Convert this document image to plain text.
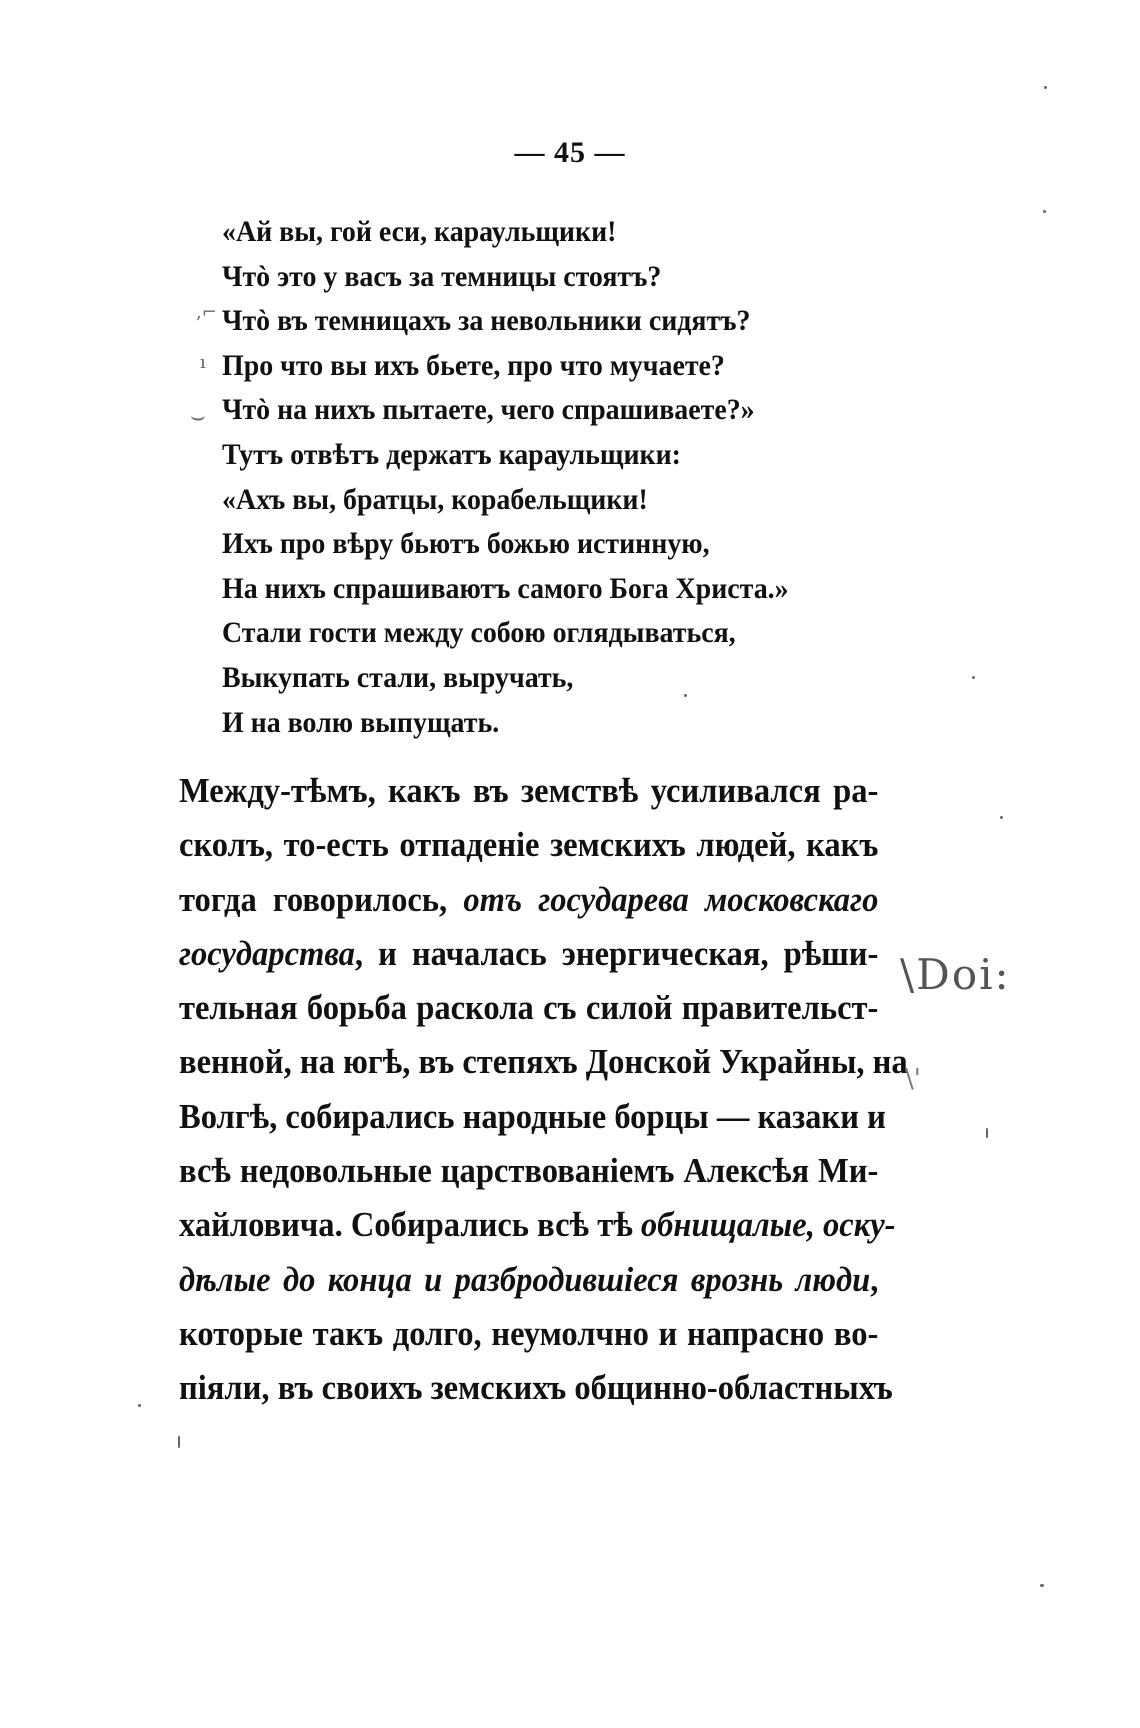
— 45 —
«Ай вы, гой еси, караульщики!
Чтò это у васъ за темницы стоятъ?
Чтò въ темницахъ за невольники сидятъ?
Про что вы ихъ бьете, про что мучаете?
Чтò на нихъ пытаете, чего спрашиваете?»
Тутъ отвѣтъ держатъ караульщики:
«Ахъ вы, братцы, корабельщики!
Ихъ про вѣру бьютъ божью истинную,
На нихъ спрашиваютъ самого Бога Христа.»
Стали гости между собою оглядываться,
Выкупать стали, выручать,
И на волю выпущать.
Между-тѣмъ, какъ въ земствѣ усиливался ра-
сколъ, то-есть отпаденіе земскихъ людей, какъ
тогда говорилось, отъ государева московскаго
государства, и началась энергическая, рѣши-
тельная борьба раскола съ силой правительст-
венной, на югѣ, въ степяхъ Донской Украйны, на
Волгѣ, собирались народные борцы — казаки и
всѣ недовольные царствованіемъ Алексѣя Ми-
хайловича. Собирались всѣ тѣ обнищалые, оску-
дѣлые до конца и разбродившіеся врознь люди,
которые такъ долго, неумолчно и напрасно во-
піяли, въ своихъ земскихъ общинно-областныхъ
,⌐
ı
⌣
\Doi:
\'
